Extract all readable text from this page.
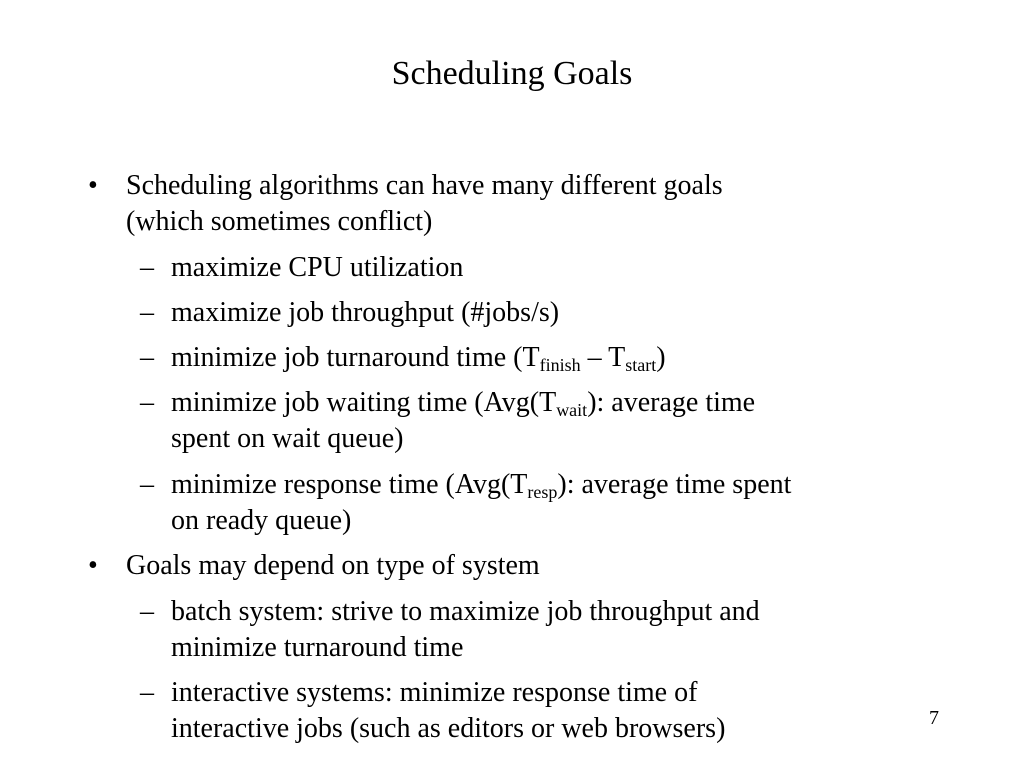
Scheduling Goals
• Scheduling algorithms can have many different goals
(which sometimes conflict)
– maximize CPU utilization
– maximize job throughput (#jobs/s)
– minimize job turnaround time $(T_{finish} - T_{start})$
– minimize job waiting time ($Avg(T_{wait})$: average time
spent on wait queue)
– minimize response time ($Avg(T_{resp})$: average time spent
on ready queue)
• Goals may depend on type of system
– batch system: strive to maximize job throughput and
minimize turnaround time
– interactive systems: minimize response time of
interactive jobs (such as editors or web browsers)	7
